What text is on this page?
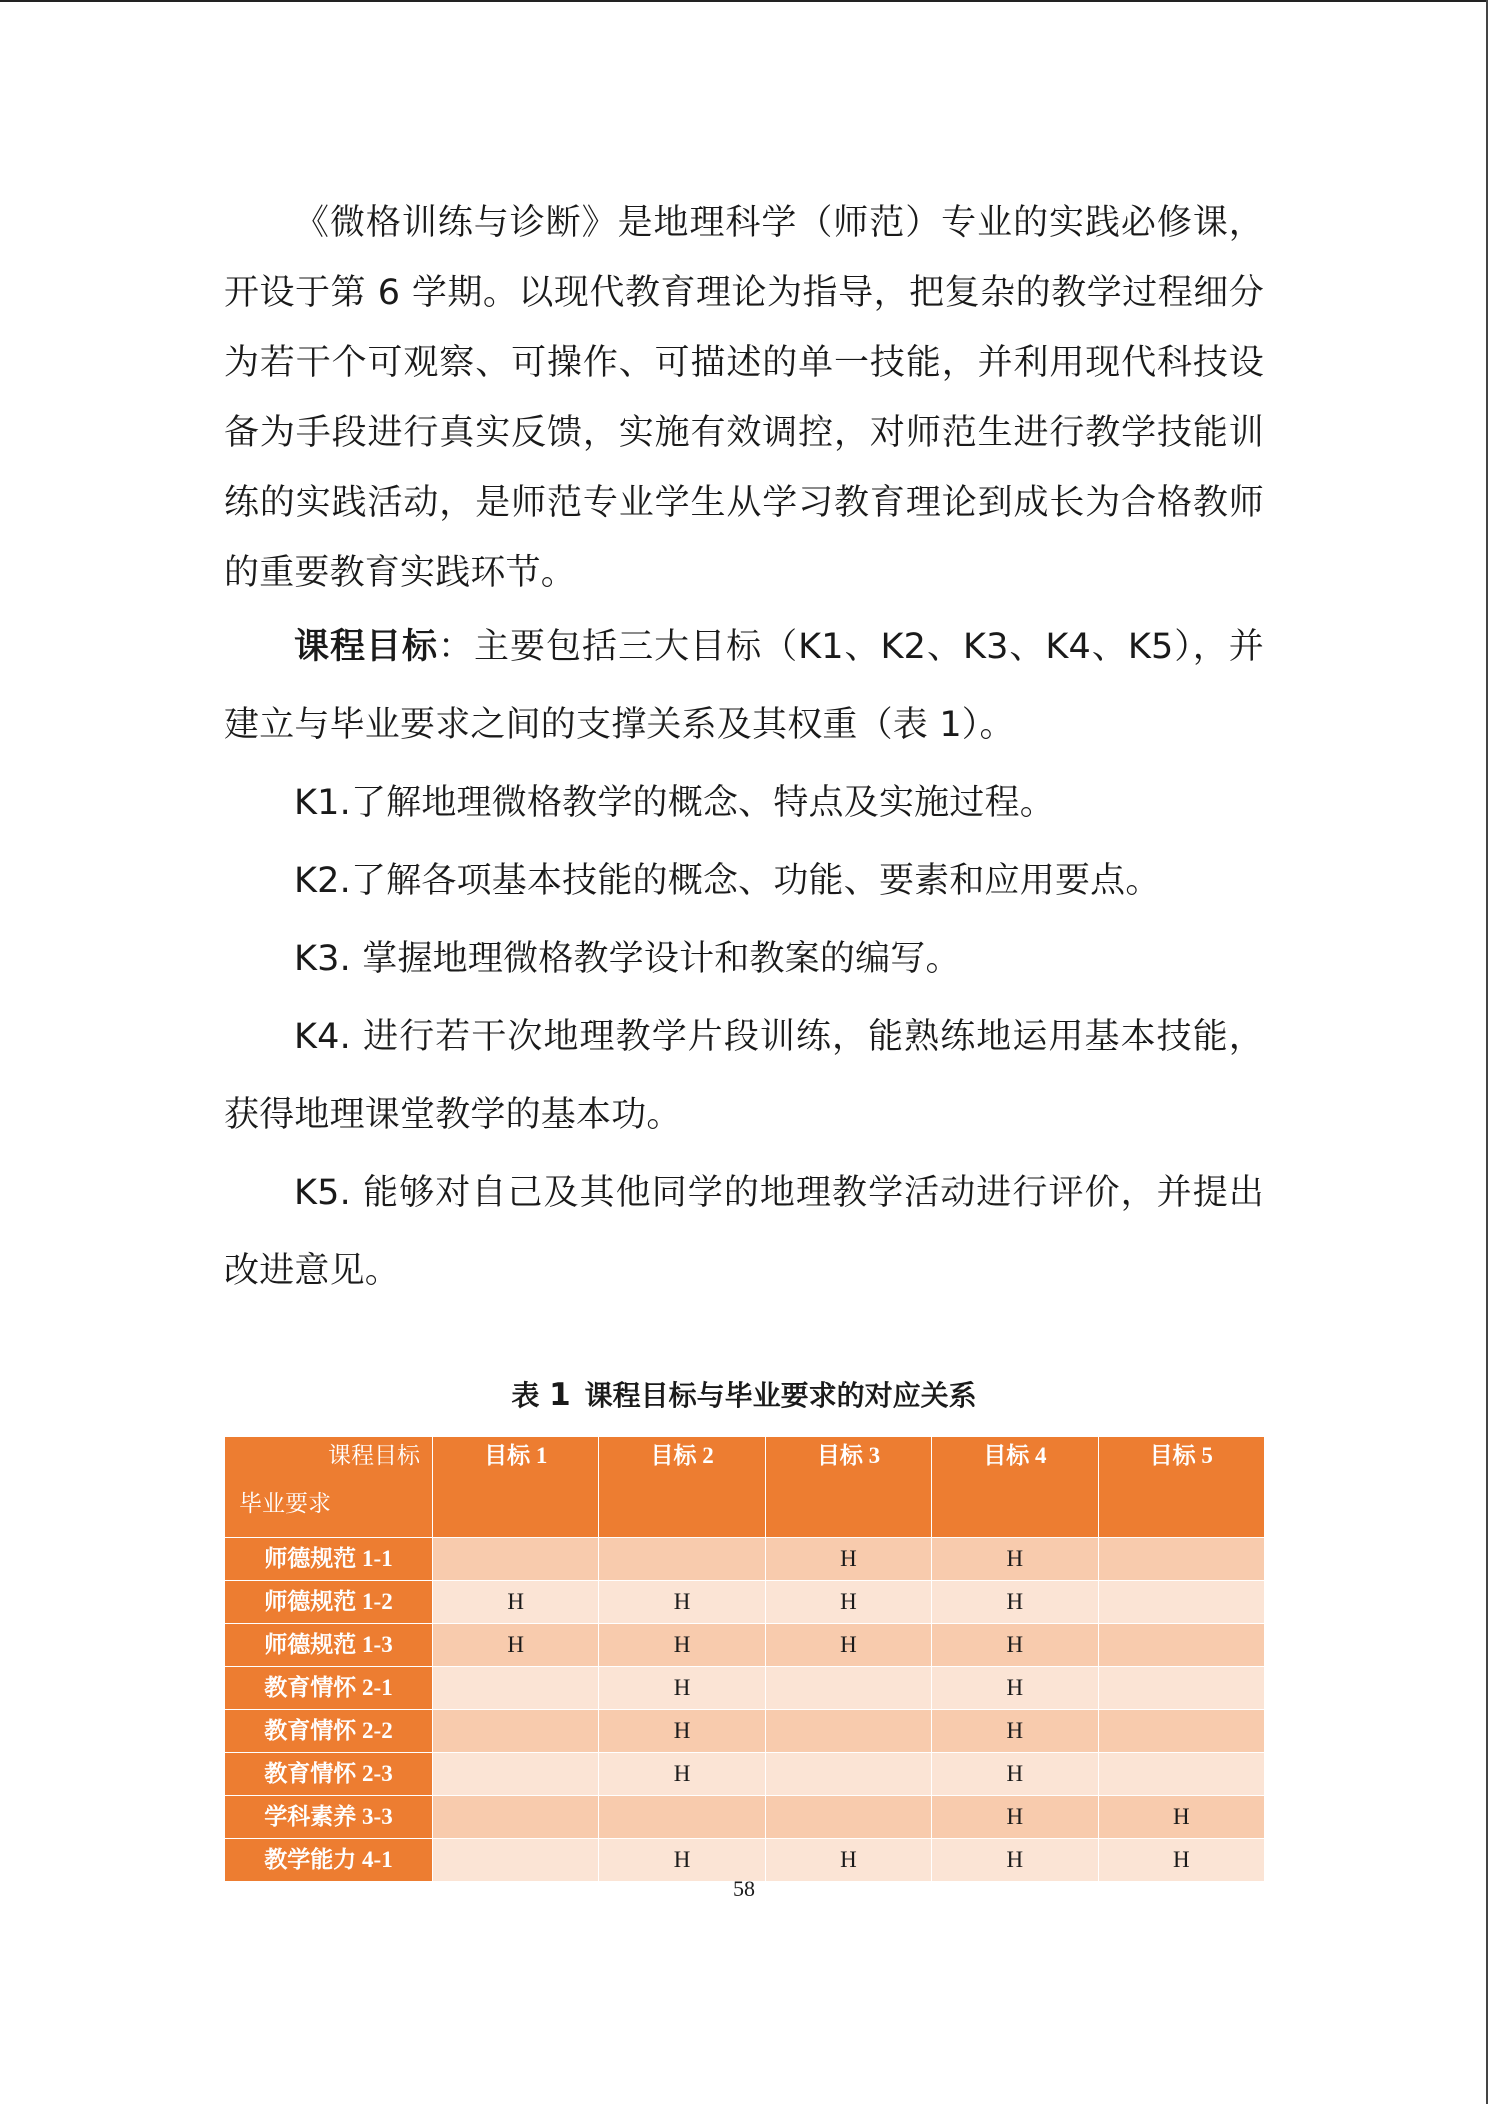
《微格训练与诊断》是地理科学（师范）专业的实践必修课，开设于第 6 学期。以现代教育理论为指导，把复杂的教学过程细分为若干个可观察、可操作、可描述的单一技能，并利用现代科技设备为手段进行真实反馈，实施有效调控，对师范生进行教学技能训练的实践活动，是师范专业学生从学习教育理论到成长为合格教师的重要教育实践环节。

课程目标：主要包括三大目标（K1、K2、K3、K4、K5），并建立与毕业要求之间的支撑关系及其权重（表 1）。

K1.了解地理微格教学的概念、特点及实施过程。

K2.了解各项基本技能的概念、功能、要素和应用要点。

K3. 掌握地理微格教学设计和教案的编写。

K4. 进行若干次地理教学片段训练，能熟练地运用基本技能，获得地理课堂教学的基本功。

K5. 能够对自己及其他同学的地理教学活动进行评价，并提出改进意见。

表 1 课程目标与毕业要求的对应关系
课程目标
毕业要求	目标 1	目标 2	目标 3	目标 4	目标 5
师德规范 1-1			H	H	
师德规范 1-2	H	H	H	H	
师德规范 1-3	H	H	H	H	
教育情怀 2-1		H		H	
教育情怀 2-2		H		H	
教育情怀 2-3		H		H	
学科素养 3-3				H	H
教学能力 4-1		H	H	H	H
58
